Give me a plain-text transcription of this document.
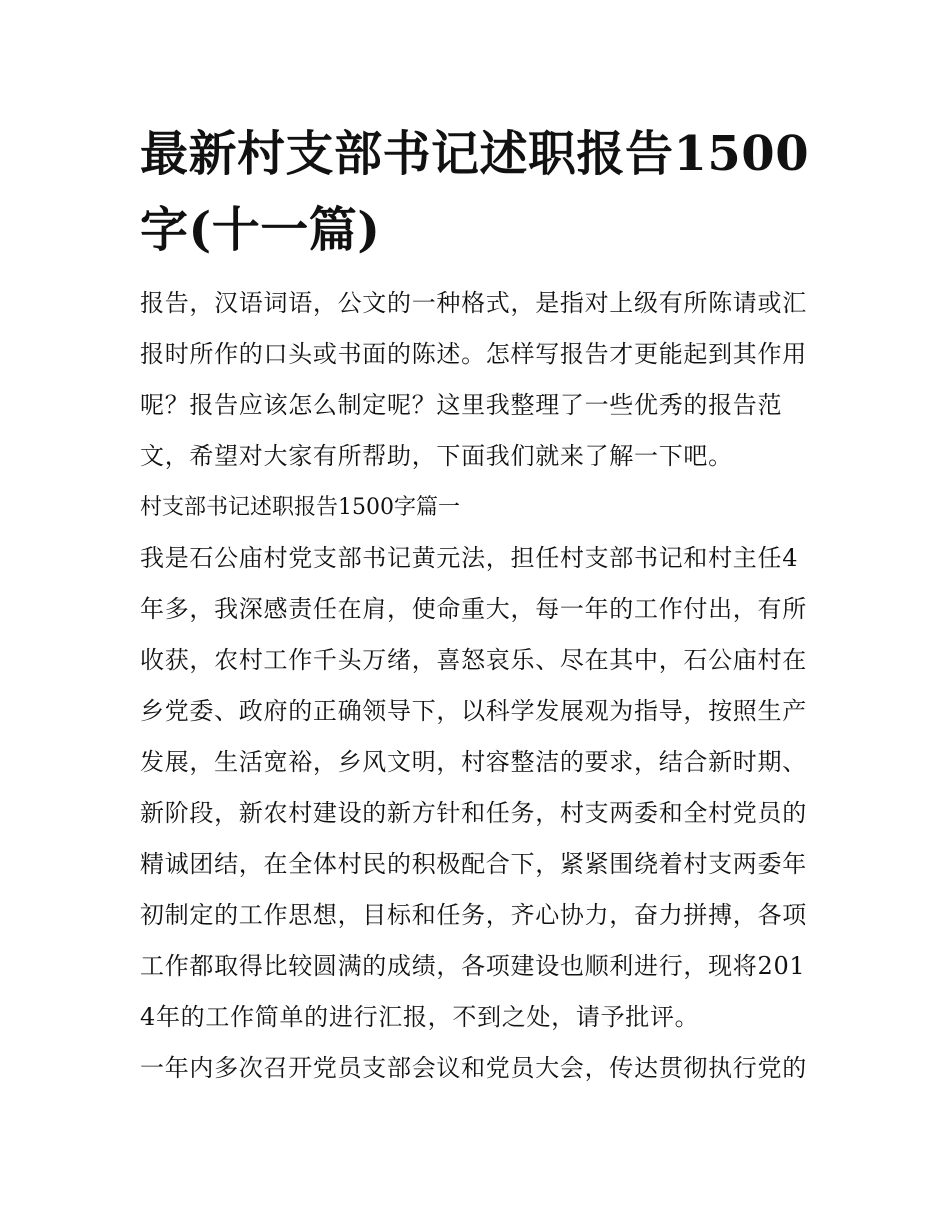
最新村支部书记述职报告1500字(十一篇)

报告，汉语词语，公文的一种格式，是指对上级有所陈请或汇报时所作的口头或书面的陈述。怎样写报告才更能起到其作用呢？报告应该怎么制定呢？这里我整理了一些优秀的报告范文，希望对大家有所帮助，下面我们就来了解一下吧。

村支部书记述职报告1500字篇一

我是石公庙村党支部书记黄元法，担任村支部书记和村主任4年多，我深感责任在肩，使命重大，每一年的工作付出，有所收获，农村工作千头万绪，喜怒哀乐、尽在其中，石公庙村在乡党委、政府的正确领导下，以科学发展观为指导，按照生产发展，生活宽裕，乡风文明，村容整洁的要求，结合新时期、新阶段，新农村建设的新方针和任务，村支两委和全村党员的精诚团结，在全体村民的积极配合下，紧紧围绕着村支两委年初制定的工作思想，目标和任务，齐心协力，奋力拼搏，各项工作都取得比较圆满的成绩，各项建设也顺利进行，现将2014年的工作简单的进行汇报，不到之处，请予批评。

一年内多次召开党员支部会议和党员大会，传达贯彻执行党的
